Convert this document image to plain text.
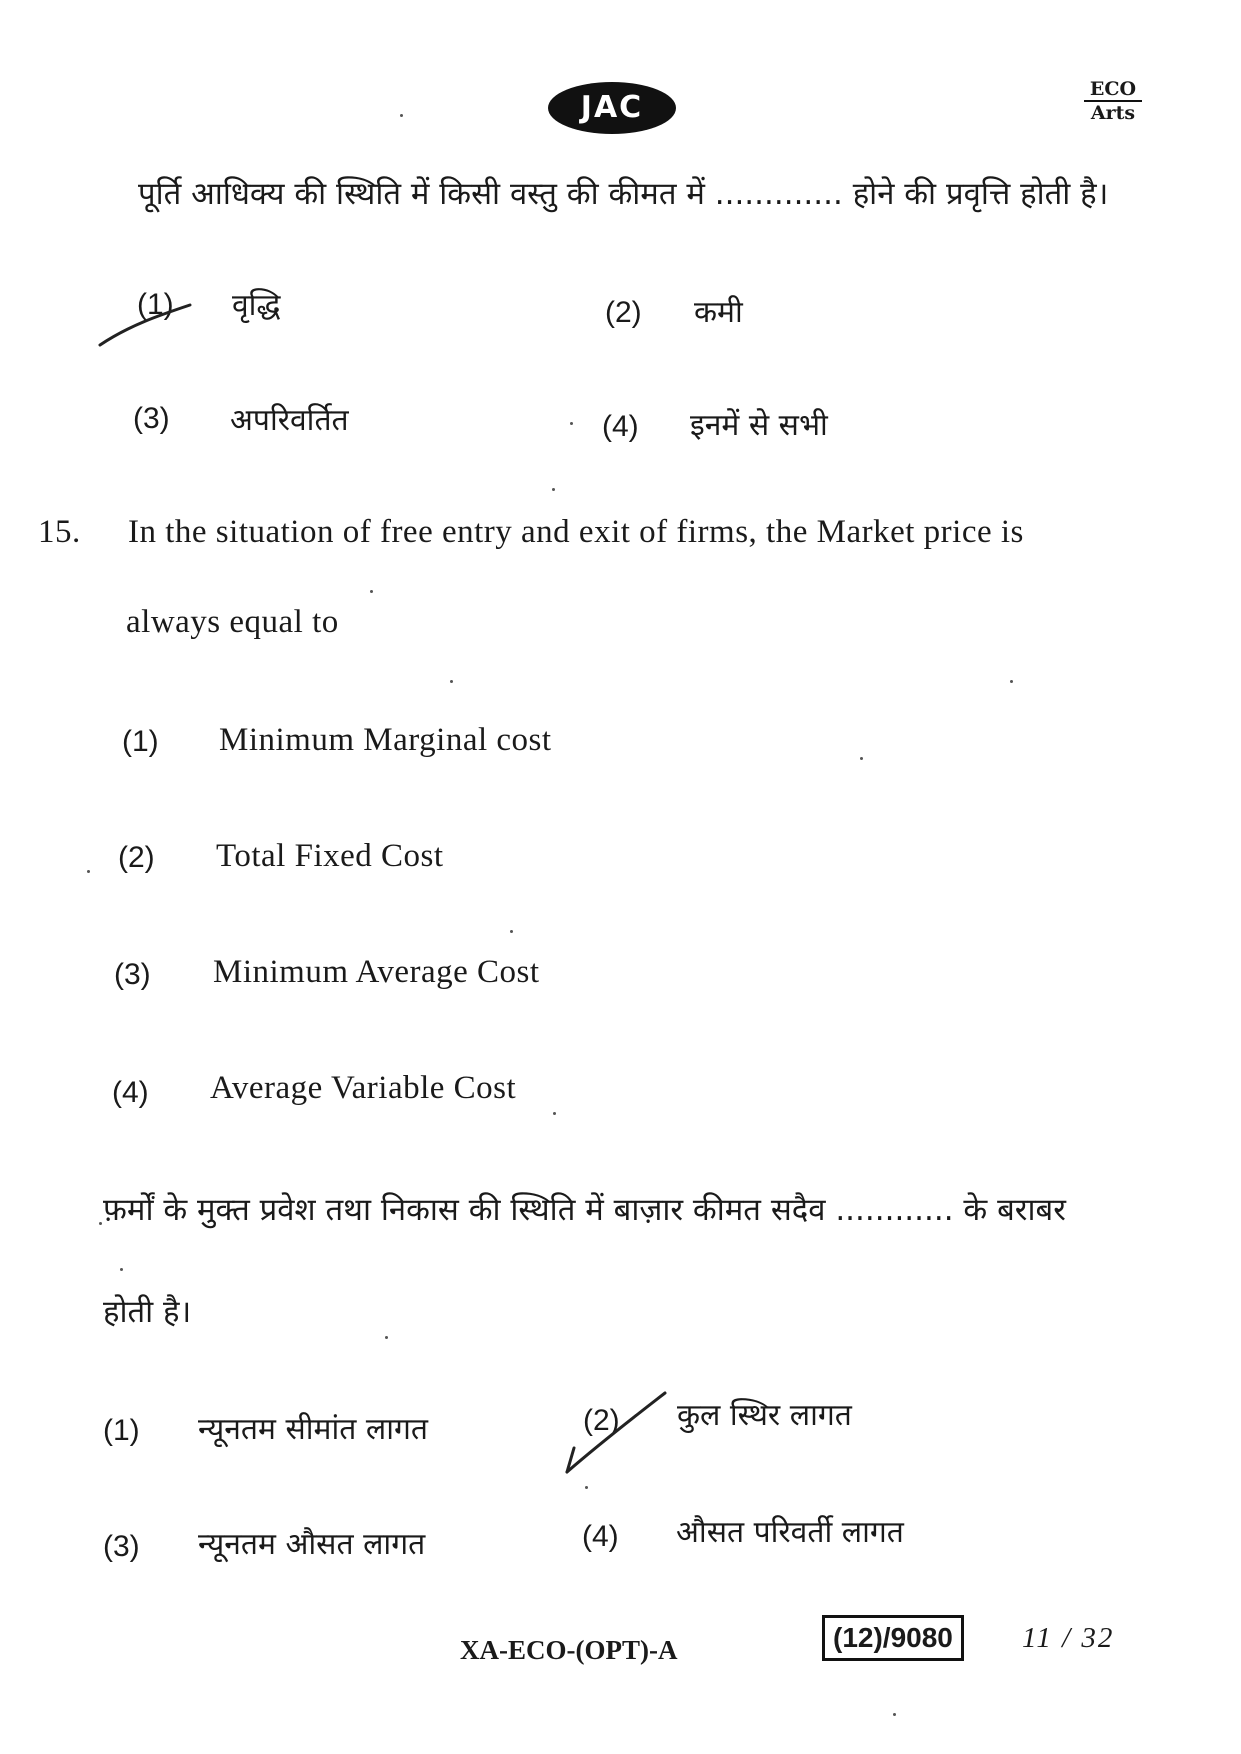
JAC
ECO
Arts
पूर्ति आधिक्य की स्थिति में किसी वस्तु की कीमत में ............. होने की प्रवृत्ति होती है।
(1) वृद्धि	(2) कमी
(3) अपरिवर्तित	(4) इनमें से सभी
15. In the situation of free entry and exit of firms, the Market price is
always equal to
(1) Minimum Marginal cost
(2) Total Fixed Cost
(3) Minimum Average Cost
(4) Average Variable Cost
फ़र्मों के मुक्त प्रवेश तथा निकास की स्थिति में बाज़ार कीमत सदैव ............ के बराबर
होती है।
(1) न्यूनतम सीमांत लागत	(2) कुल स्थिर लागत
(3) न्यूनतम औसत लागत	(4) औसत परिवर्ती लागत
XA-ECO-(OPT)-A	(12)/9080	11 / 32
